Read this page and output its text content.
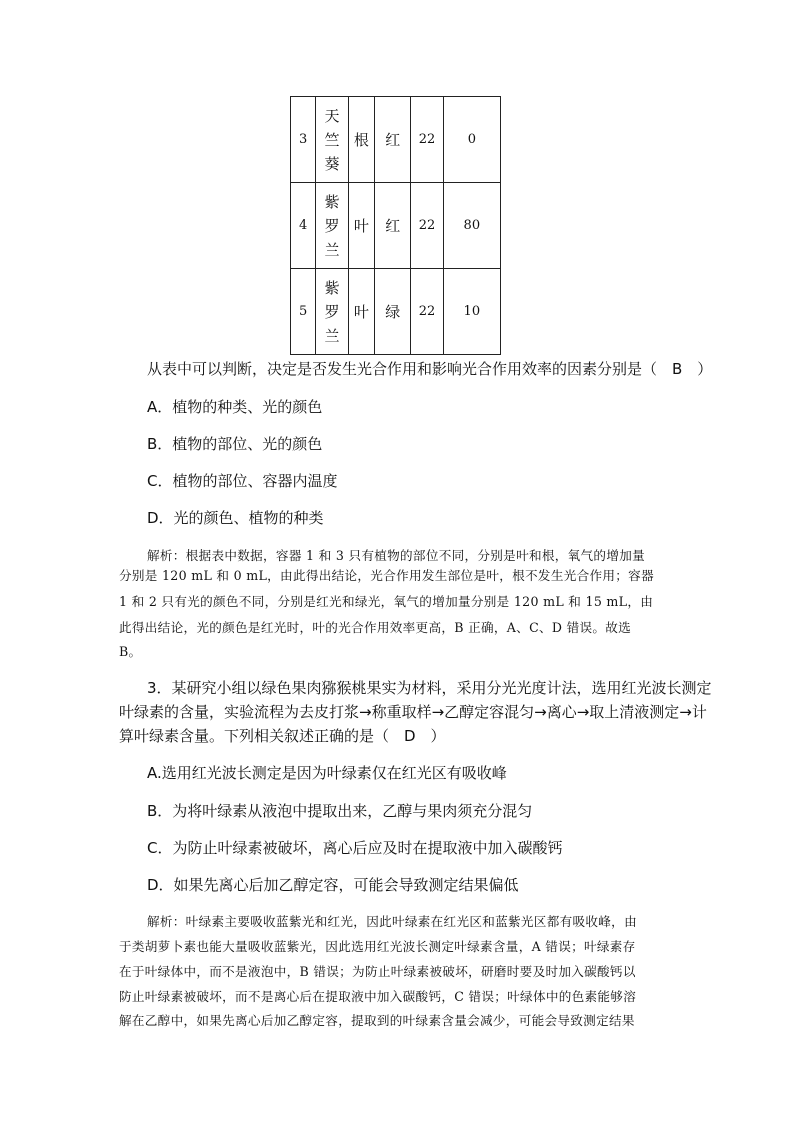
3	天
竺
葵	根	红	22	0
4	紫
罗
兰	叶	红	22	80
5	紫
罗
兰	叶	绿	22	10
从表中可以判断，决定是否发生光合作用和影响光合作用效率的因素分别是（　B　）
A．植物的种类、光的颜色
B．植物的部位、光的颜色
C．植物的部位、容器内温度
D．光的颜色、植物的种类
解析：根据表中数据，容器 1 和 3 只有植物的部位不同，分别是叶和根，氧气的增加量
分别是 120 mL 和 0 mL，由此得出结论，光合作用发生部位是叶，根不发生光合作用；容器
1 和 2 只有光的颜色不同，分别是红光和绿光，氧气的增加量分别是 120 mL 和 15 mL，由
此得出结论，光的颜色是红光时，叶的光合作用效率更高，B 正确，A、C、D 错误。故选
B。
3．某研究小组以绿色果肉猕猴桃果实为材料，采用分光光度计法，选用红光波长测定
叶绿素的含量，实验流程为去皮打浆→称重取样→乙醇定容混匀→离心→取上清液测定→计
算叶绿素含量。下列相关叙述正确的是（　D　）
A.选用红光波长测定是因为叶绿素仅在红光区有吸收峰
B．为将叶绿素从液泡中提取出来，乙醇与果肉须充分混匀
C．为防止叶绿素被破坏，离心后应及时在提取液中加入碳酸钙
D．如果先离心后加乙醇定容，可能会导致测定结果偏低
解析：叶绿素主要吸收蓝紫光和红光，因此叶绿素在红光区和蓝紫光区都有吸收峰，由
于类胡萝卜素也能大量吸收蓝紫光，因此选用红光波长测定叶绿素含量，A 错误；叶绿素存
在于叶绿体中，而不是液泡中，B 错误；为防止叶绿素被破坏，研磨时要及时加入碳酸钙以
防止叶绿素被破坏，而不是离心后在提取液中加入碳酸钙，C 错误；叶绿体中的色素能够溶
解在乙醇中，如果先离心后加乙醇定容，提取到的叶绿素含量会减少，可能会导致测定结果
